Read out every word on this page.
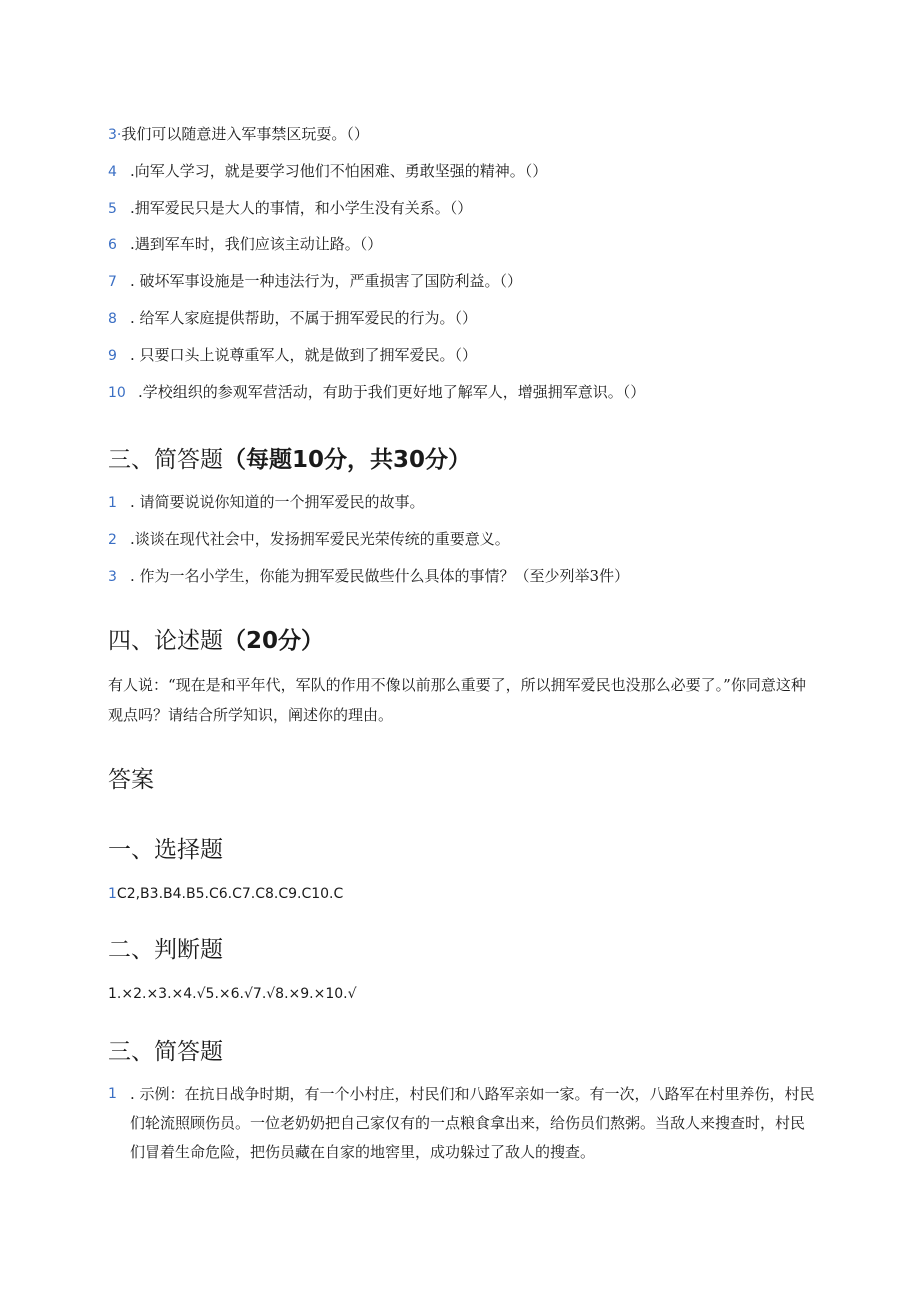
3·我们可以随意进入军事禁区玩耍。（）
4 .向军人学习，就是要学习他们不怕困难、勇敢坚强的精神。（）
5 .拥军爱民只是大人的事情，和小学生没有关系。（）
6 .遇到军车时，我们应该主动让路。（）
7 . 破坏军事设施是一种违法行为，严重损害了国防利益。（）
8 . 给军人家庭提供帮助，不属于拥军爱民的行为。（）
9 . 只要口头上说尊重军人，就是做到了拥军爱民。（）
10 .学校组织的参观军营活动，有助于我们更好地了解军人，增强拥军意识。（）
三、简答题（每题10分，共30分）
1 . 请简要说说你知道的一个拥军爱民的故事。
2 .谈谈在现代社会中，发扬拥军爱民光荣传统的重要意义。
3 . 作为一名小学生，你能为拥军爱民做些什么具体的事情？（至少列举3件）
四、论述题（20分）
有人说：“现在是和平年代，军队的作用不像以前那么重要了，所以拥军爱民也没那么必要了。”你同意这种观点吗？请结合所学知识，阐述你的理由。
答案
一、选择题
1C2,B3.B4.B5.C6.C7.C8.C9.C10.C
二、判断题
1.×2.×3.×4.√5.×6.√7.√8.×9.×10.√
三、简答题
1 . 示例：在抗日战争时期，有一个小村庄，村民们和八路军亲如一家。有一次，八路军在村里养伤，村民们轮流照顾伤员。一位老奶奶把自己家仅有的一点粮食拿出来，给伤员们熬粥。当敌人来搜查时，村民们冒着生命危险，把伤员藏在自家的地窖里，成功躲过了敌人的搜查。
